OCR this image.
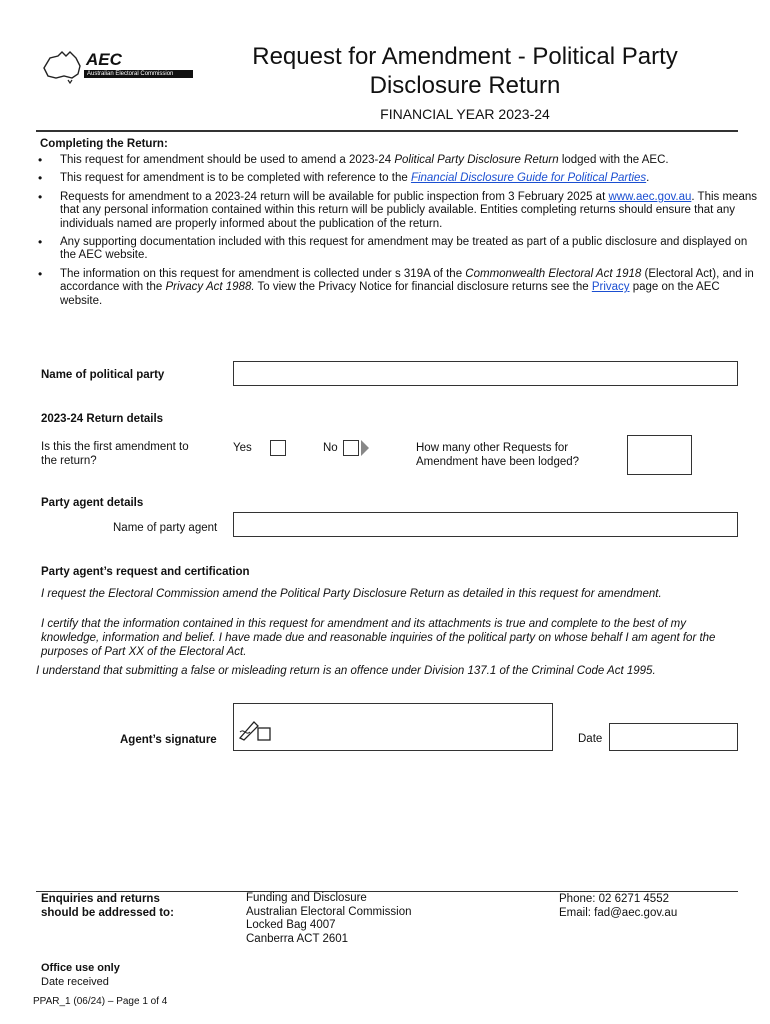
AEC
Australian Electoral Commission
Request for Amendment - Political Party
Disclosure Return
FINANCIAL YEAR 2023-24
Completing the Return:
• This request for amendment should be used to amend a 2023-24 Political Party Disclosure Return lodged with the AEC.
• This request for amendment is to be completed with reference to the Financial Disclosure Guide for Political Parties.
• Requests for amendment to a 2023-24 return will be available for public inspection from 3 February 2025 at www.aec.gov.au. This means that any personal information contained within this return will be publicly available. Entities completing returns should ensure that any individuals named are properly informed about the publication of the return.
• Any supporting documentation included with this request for amendment may be treated as part of a public disclosure and displayed on the AEC website.
• The information on this request for amendment is collected under s 319A of the Commonwealth Electoral Act 1918 (Electoral Act), and in accordance with the Privacy Act 1988. To view the Privacy Notice for financial disclosure returns see the Privacy page on the AEC website.
Name of political party
2023-24 Return details
Is this the first amendment to the return?
Yes	No	How many other Requests for Amendment have been lodged?
Party agent details
Name of party agent
Party agent’s request and certification
I request the Electoral Commission amend the Political Party Disclosure Return as detailed in this request for amendment.
I certify that the information contained in this request for amendment and its attachments is true and complete to the best of my knowledge, information and belief. I have made due and reasonable inquiries of the political party on whose behalf I am agent for the purposes of Part XX of the Electoral Act.
I understand that submitting a false or misleading return is an offence under Division 137.1 of the Criminal Code Act 1995.
Agent’s signature	Date
Enquiries and returns
should be addressed to:
Funding and Disclosure
Australian Electoral Commission
Locked Bag 4007
Canberra ACT 2601
Phone: 02 6271 4552
Email: fad@aec.gov.au
Office use only
Date received
PPAR_1 (06/24) – Page 1 of 4
